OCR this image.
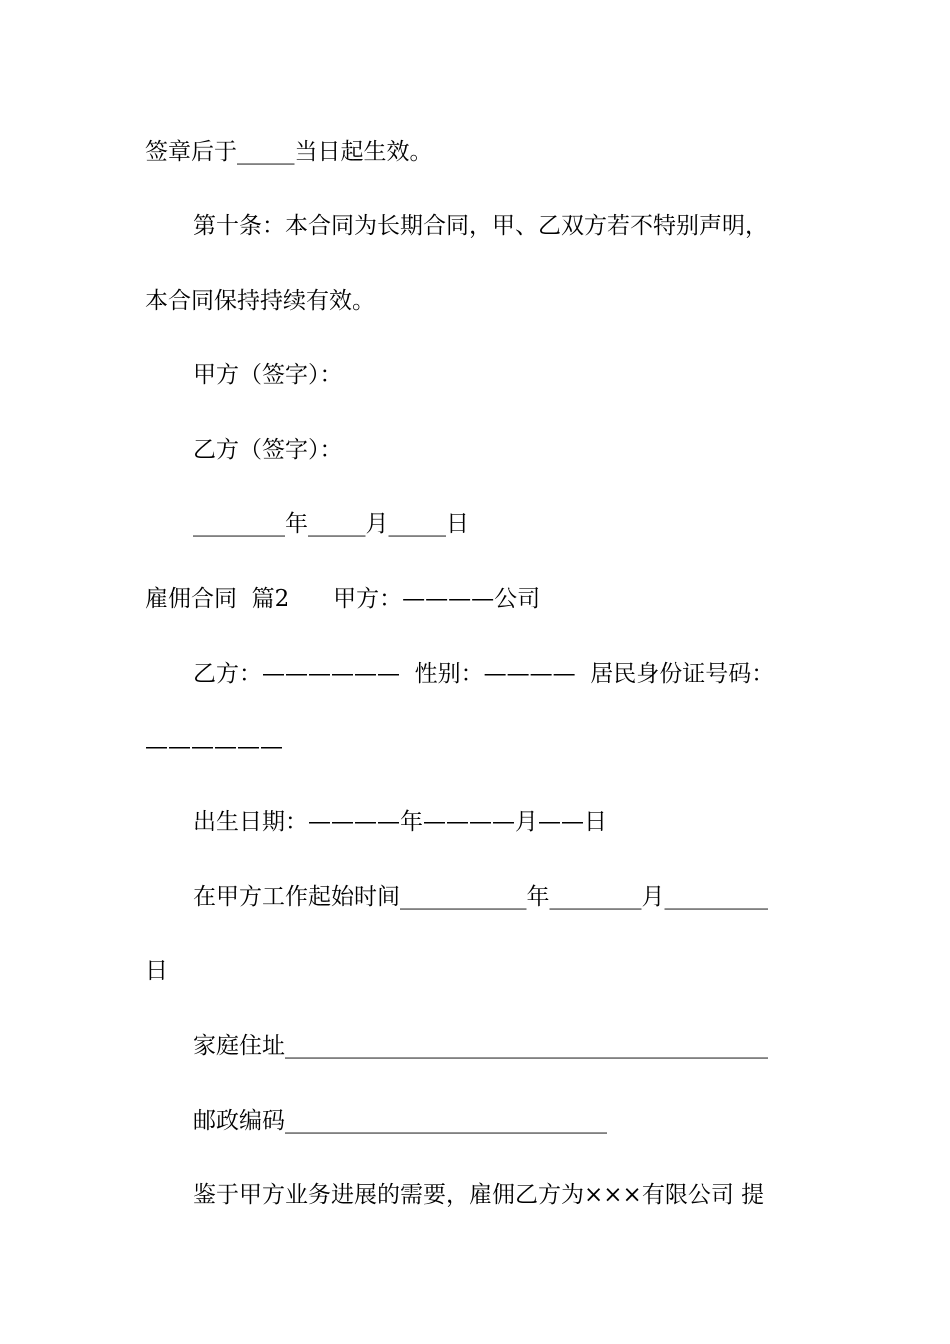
签章后于_____当日起生效。
第十条：本合同为长期合同，甲、乙双方若不特别声明，
本合同保持持续有效。
甲方（签字）：
乙方（签字）：
________年_____月_____日
雇佣合同  篇2      甲方：————公司
乙方：——————  性别：————  居民身份证号码：
——————
出生日期：————年————月——日
在甲方工作起始时间___________年________月_________
日
家庭住址__________________________________________
邮政编码____________________________
鉴于甲方业务进展的需要，雇佣乙方为×××有限公司 提
